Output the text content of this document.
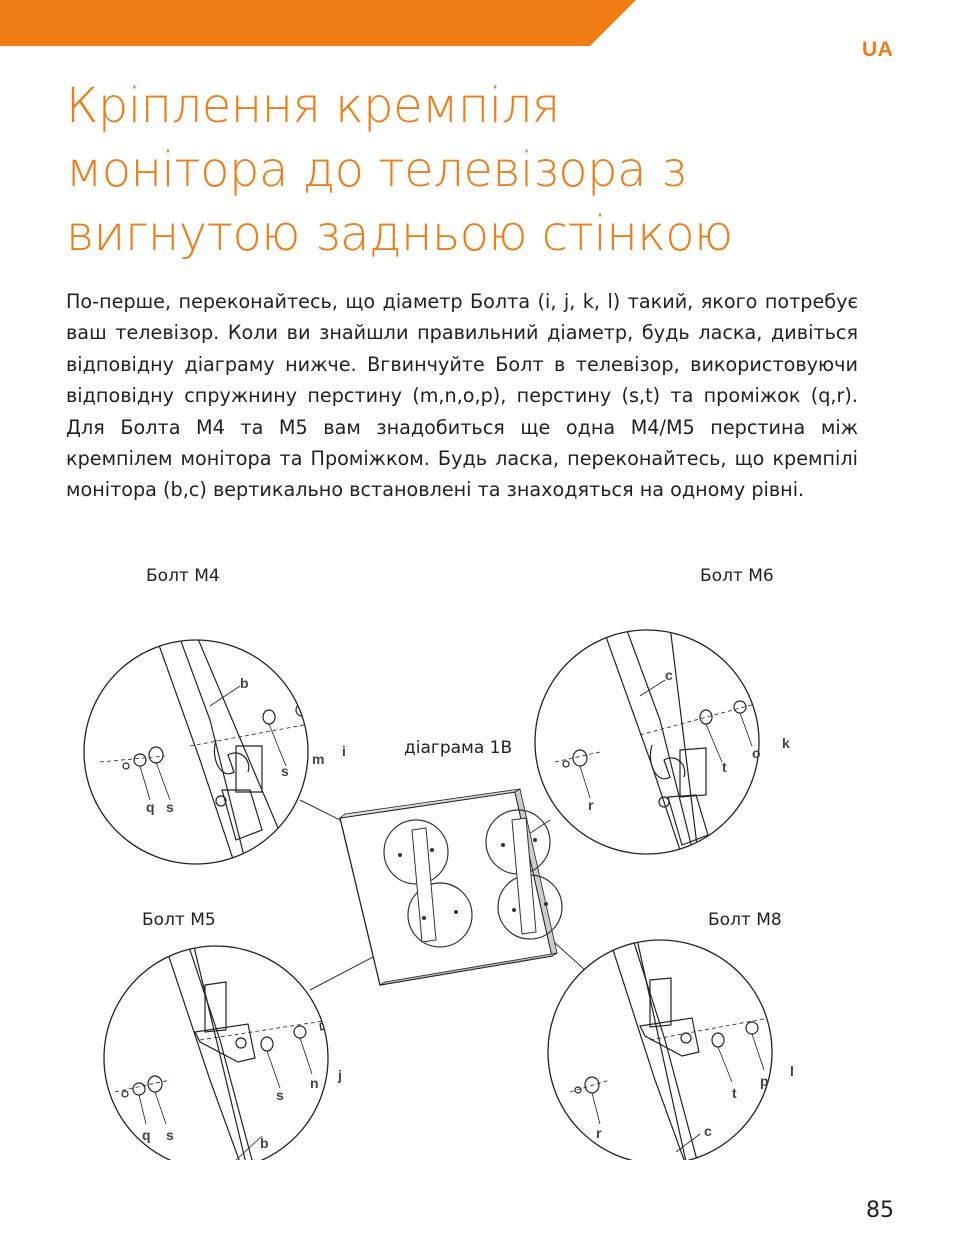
UA
Кріплення кремпіля
монітора до телевізора з
вигнутою задньою стінкою

По-перше, переконайтесь, що діаметр Болта (i, j, k, l) такий, якого потребує ваш телевізор. Коли ви знайшли правильний діаметр, будь ласка, дивіться відповідну діаграму нижче. Вгвинчуйте Болт в телевізор, використовуючи відповідну спружнину перстину (m,n,o,p), перстину (s,t) та проміжок (q,r). Для Болта M4 та M5 вам знадобиться ще одна M4/M5 перстина між кремпілем монітора та Проміжком. Будь ласка, переконайтесь, що кремпілі монітора (b,c) вертикально встановлені та знаходяться на одному рівні.

Болт M4	Болт M6
діаграма 1B
Болт M5	Болт M8
b
m i
s
q s
c
k
o
t
r
j
n
s
q s	b
l
p
t
r	c
85
